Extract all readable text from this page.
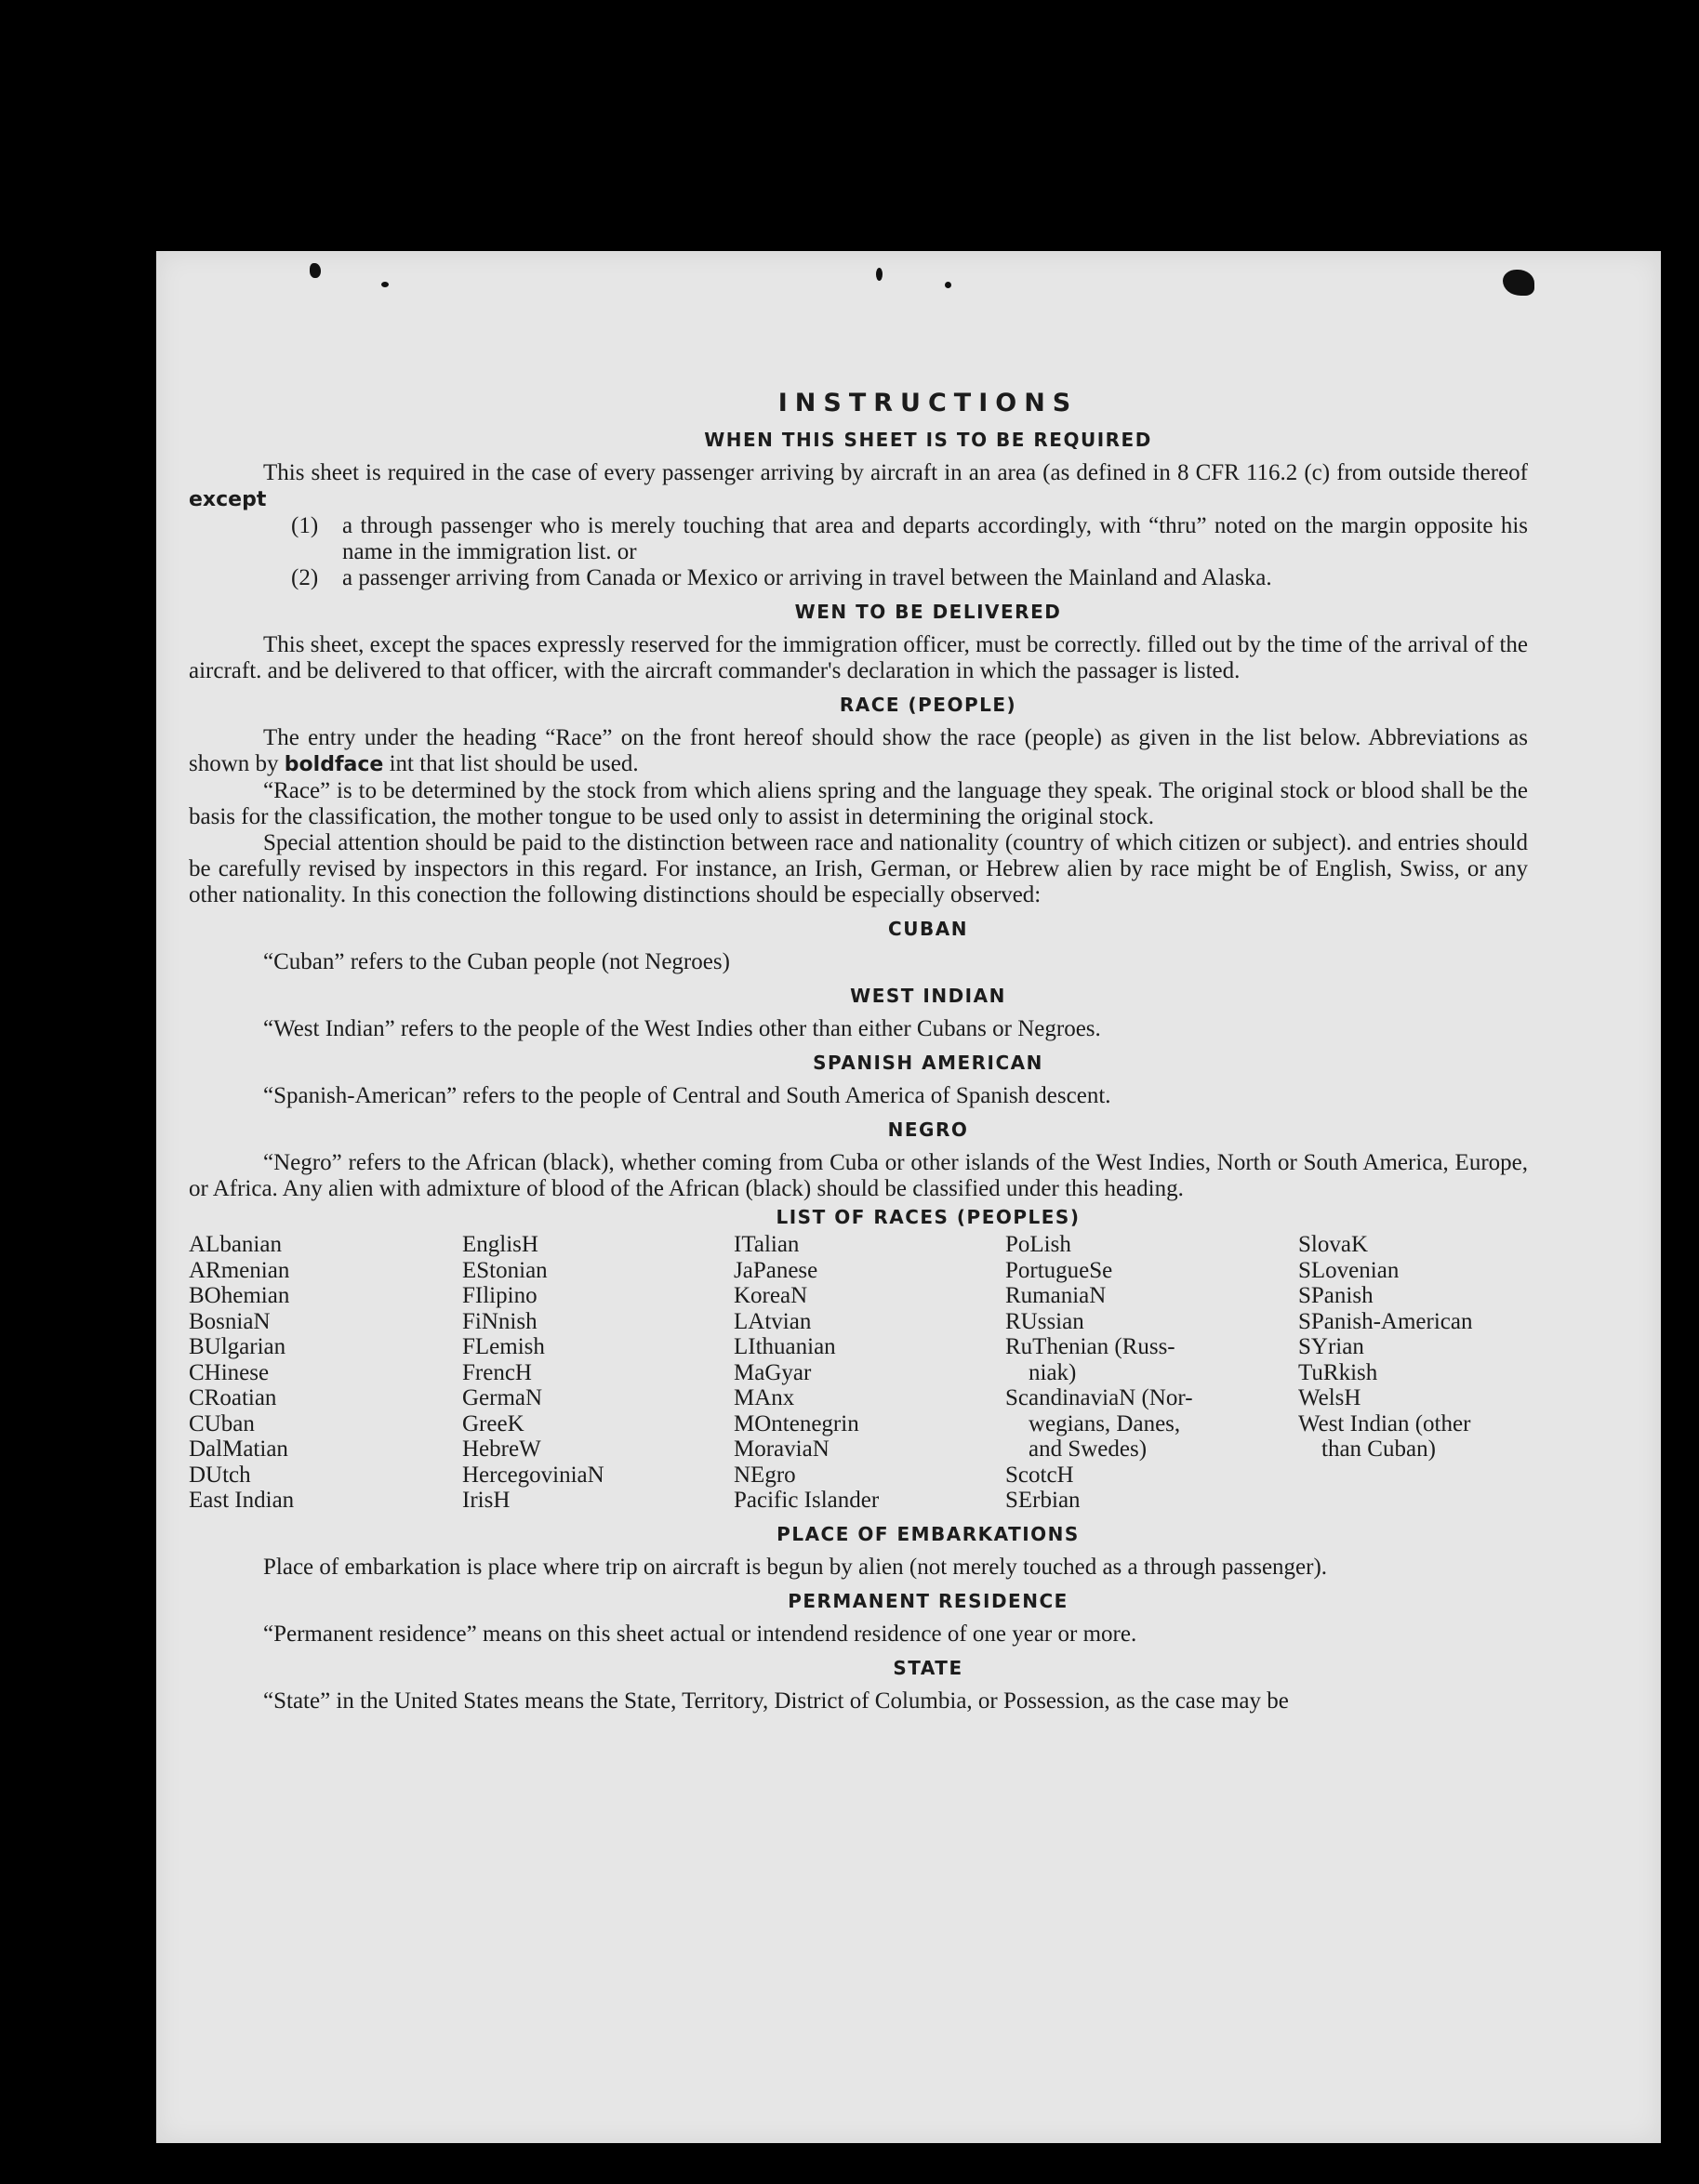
INSTRUCTIONS
WHEN THIS SHEET IS TO BE REQUIRED

This sheet is required in the case of every passenger arriving by aircraft in an area (as defined in 8 CFR 116.2 (c) from outside thereof except

(1)	a through passenger who is merely touching that area and departs accordingly, with “thru” noted on the margin opposite his name in the immigration list. or
(2)	a passenger arriving from Canada or Mexico or arriving in travel between the Mainland and Alaska.
WEN TO BE DELIVERED

This sheet, except the spaces expressly reserved for the immigration officer, must be correctly. filled out by the time of the arrival of the aircraft. and be delivered to that officer, with the aircraft commander's declaration in which the passager is listed.

RACE (PEOPLE)

The entry under the heading “Race” on the front hereof should show the race (people) as given in the list below. Abbreviations as shown by boldface int that list should be used.

“Race” is to be determined by the stock from which aliens spring and the language they speak. The original stock or blood shall be the basis for the classification, the mother tongue to be used only to assist in determining the original stock.

Special attention should be paid to the distinction between race and nationality (country of which citizen or subject). and entries should be carefully revised by inspectors in this regard. For instance, an Irish, German, or Hebrew alien by race might be of English, Swiss, or any other nationality. In this conection the following distinctions should be especially observed:

CUBAN

“Cuban” refers to the Cuban people (not Negroes)

WEST INDIAN

“West Indian” refers to the people of the West Indies other than either Cubans or Negroes.

SPANISH AMERICAN

“Spanish-American” refers to the people of Central and South America of Spanish descent.

NEGRO

“Negro” refers to the African (black), whether coming from Cuba or other islands of the West Indies, North or South America, Europe, or Africa. Any alien with admixture of blood of the African (black) should be classified under this heading.

LIST OF RACES (PEOPLES)
ALbanian
ARmenian
BOhemian
BosniaN
BUlgarian
CHinese
CRoatian
CUban
DalMatian
DUtch
East Indian
EnglisH
EStonian
FIlipino
FiNnish
FLemish
FrencH
GermaN
GreeK
HebreW
HercegoviniaN
IrisH
ITalian
JaPanese
KoreaN
LAtvian
LIthuanian
MaGyar
MAnx
MOntenegrin
MoraviaN
NEgro
Pacific Islander
PoLish
PortugueSe
RumaniaN
RUssian
RuThenian (Russ-
niak)
ScandinaviaN (Nor-
wegians, Danes,
and Swedes)
ScotcH
SErbian
SlovaK
SLovenian
SPanish
SPanish-American
SYrian
TuRkish
WelsH
West Indian (other
than Cuban)
PLACE OF EMBARKATIONS

Place of embarkation is place where trip on aircraft is begun by alien (not merely touched as a through passenger).

PERMANENT RESIDENCE

“Permanent residence” means on this sheet actual or intendend residence of one year or more.

STATE

“State” in the United States means the State, Territory, District of Columbia, or Possession, as the case may be
